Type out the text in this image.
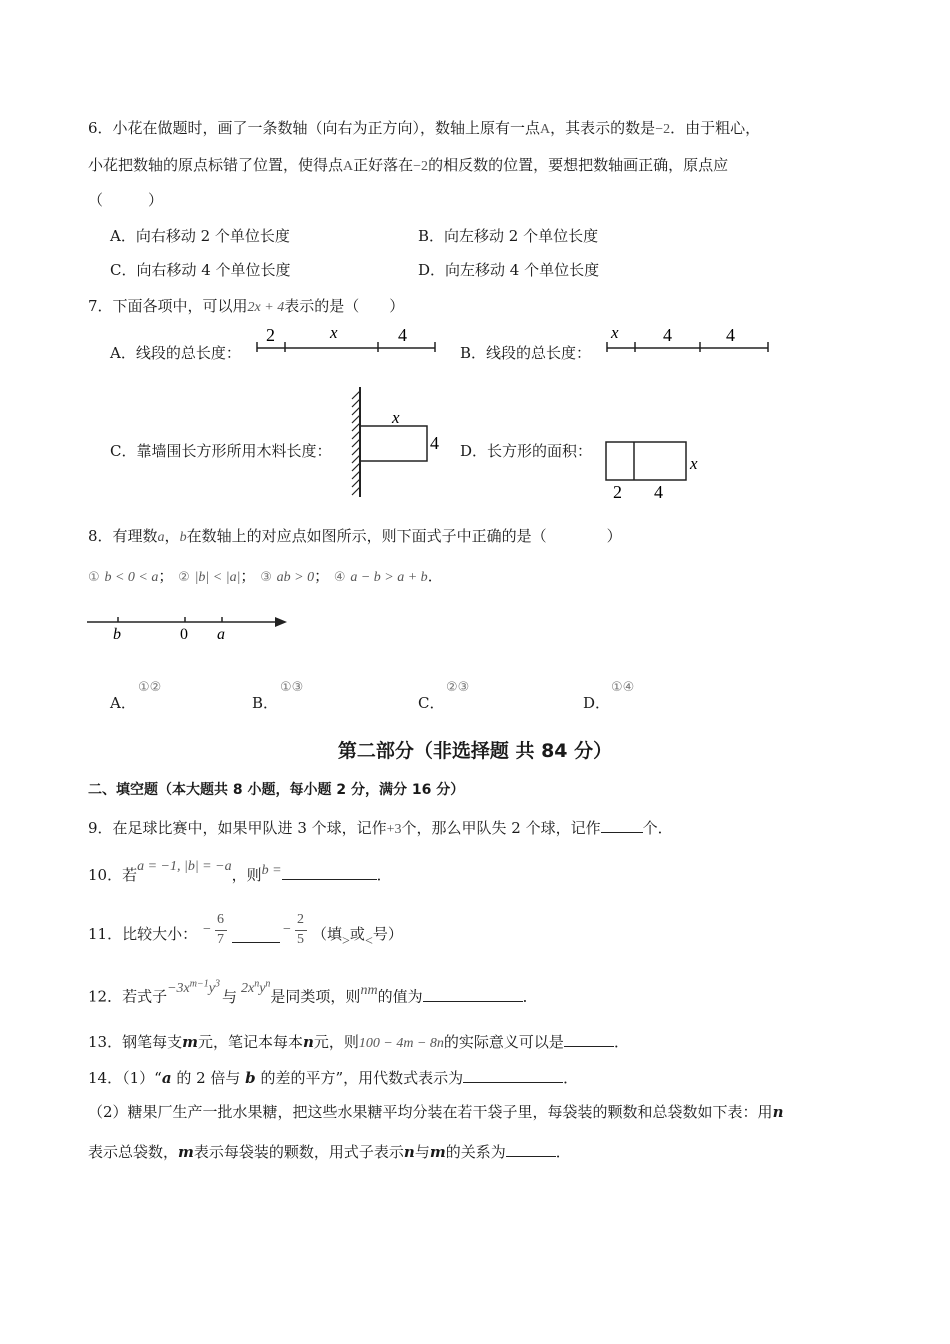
6．小花在做题时，画了一条数轴（向右为正方向），数轴上原有一点A，其表示的数是−2．由于粗心，
小花把数轴的原点标错了位置，使得点A正好落在−2的相反数的位置，要想把数轴画正确，原点应
（　　　）
A．向右移动 2 个单位长度	B．向左移动 2 个单位长度
C．向右移动 4 个单位长度	D．向左移动 4 个单位长度
7．下面各项中，可以用2x + 4表示的是（　　）
A．线段的总长度：
2	x	4
B．线段的总长度：
x 4	4
C．靠墙围长方形所用木料长度：
x
4 D．长方形的面积：
x
2 4
8．有理数a，b在数轴上的对应点如图所示，则下面式子中正确的是（　　　　）
① b < 0 < a； ② |b| < |a|； ③ ab > 0； ④ a − b > a + b．
b	0 a
A．
①②
B．
①③
C．
②③
D．
①④
第二部分（非选择题 共 84 分）
二、填空题（本大题共 8 小题，每小题 2 分，满分 16 分）
9．在足球比赛中，如果甲队进 3 个球，记作+3个，那么甲队失 2 个球，记作	个．
10．若a = −1, |b| = −a，则b =	．
11．比较大小： −
6
7
−
2
5 （填>或<号）
12．若式子$-3x^{m-1}y^3$与 $2x^ny^n$是同类项，则nm的值为	．
13．钢笔每支m元，笔记本每本n元，则100 − 4m − 8n的实际意义可以是	．
14．（1）“a 的 2 倍与 b 的差的平方”，用代数式表示为	．
（2）糖果厂生产一批水果糖，把这些水果糖平均分装在若干袋子里，每袋装的颗数和总袋数如下表：用n
表示总袋数，m表示每袋装的颗数，用式子表示n与m的关系为	．
